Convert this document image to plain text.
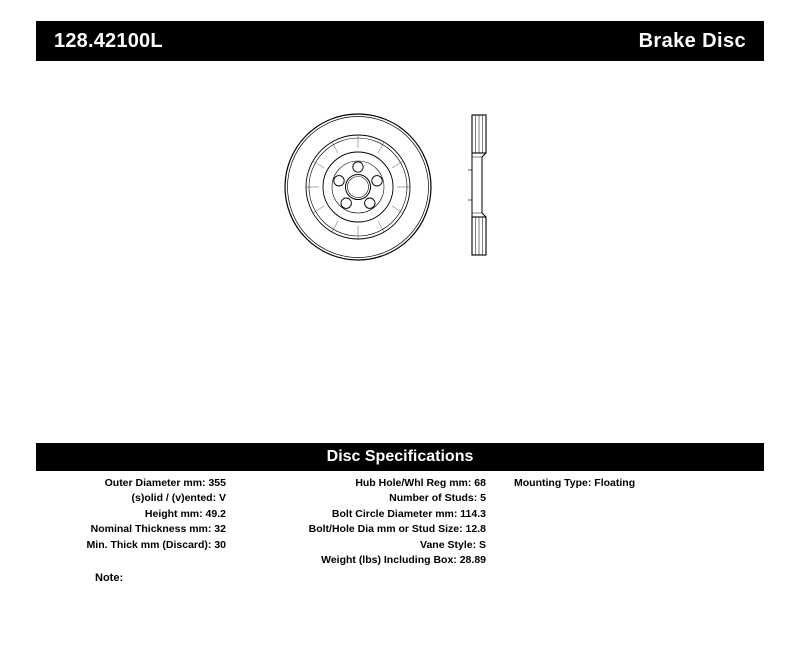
128.42100L	Brake Disc
Disc Specifications
Outer Diameter mm: 355
(s)olid / (v)ented: V
Height mm: 49.2
Nominal Thickness mm: 32
Min. Thick mm (Discard): 30
Hub Hole/Whl Reg mm: 68
Number of Studs: 5
Bolt Circle Diameter mm: 114.3
Bolt/Hole Dia mm or Stud Size: 12.8
Vane Style: S
Weight (lbs) Including Box: 28.89
Mounting Type: Floating
Note:
